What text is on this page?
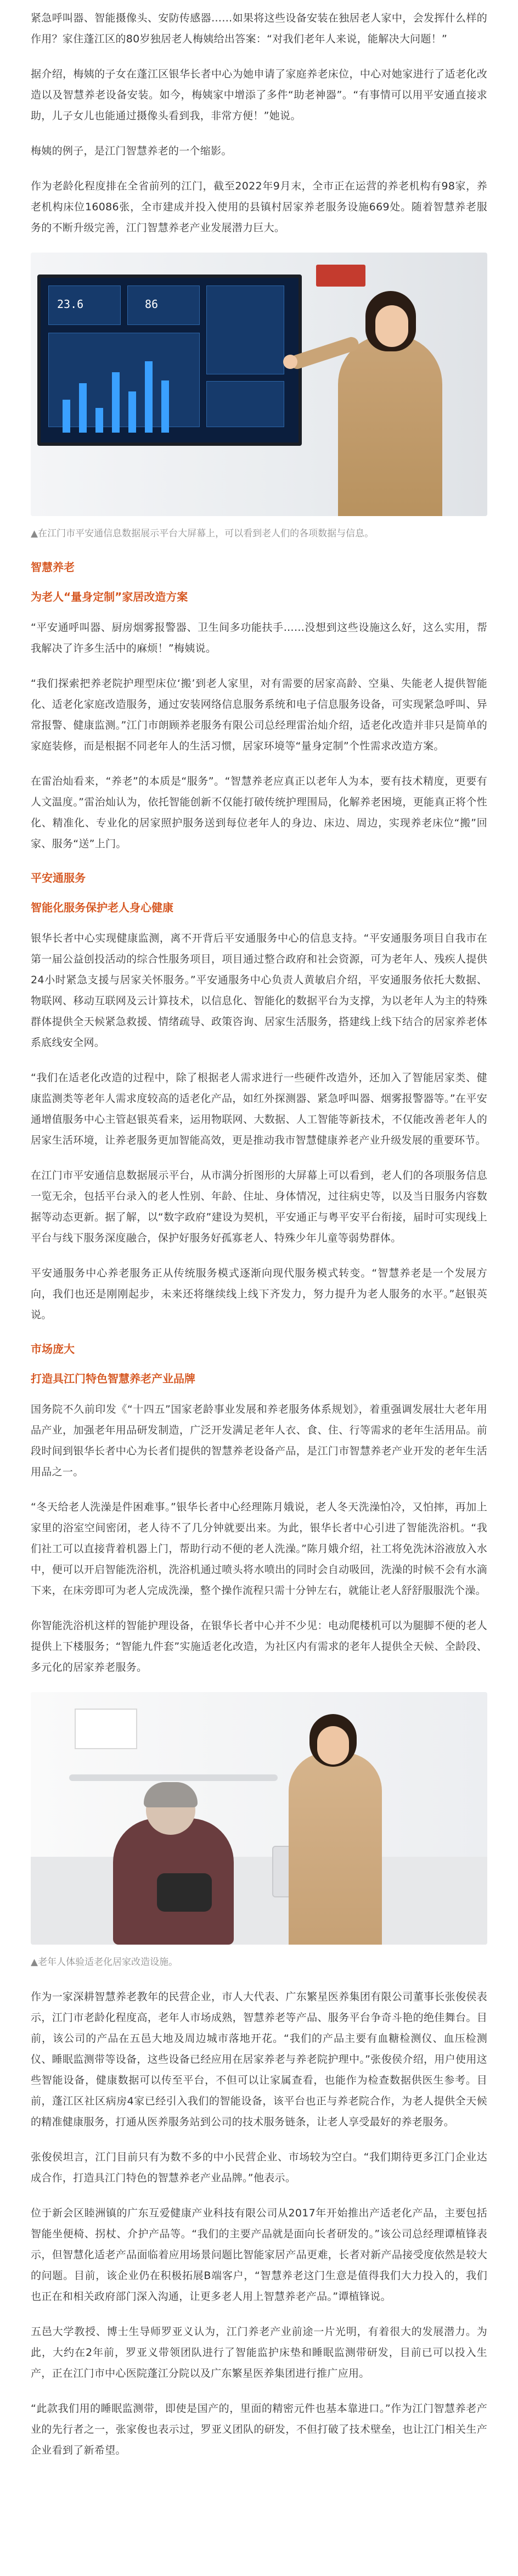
紧急呼叫器、智能摄像头、安防传感器……如果将这些设备安装在独居老人家中，会发挥什么样的作用？家住蓬江区的80岁独居老人梅姨给出答案：“对我们老年人来说，能解决大问题！”

据介绍，梅姨的子女在蓬江区银华长者中心为她申请了家庭养老床位，中心对她家进行了适老化改造以及智慧养老设备安装。如今，梅姨家中增添了多件“助老神器”。“有事情可以用平安通直接求助，儿子女儿也能通过摄像头看到我，非常方便！”她说。

梅姨的例子，是江门智慧养老的一个缩影。

作为老龄化程度排在全省前列的江门，截至2022年9月末，全市正在运营的养老机构有98家，养老机构床位16086张，全市建成并投入使用的县镇村居家养老服务设施669处。随着智慧养老服务的不断升级完善，江门智慧养老产业发展潜力巨大。

23.6	86
▲在江门市平安通信息数据展示平台大屏幕上，可以看到老人们的各项数据与信息。
智慧养老
为老人“量身定制”家居改造方案

“平安通呼叫器、厨房烟雾报警器、卫生间多功能扶手……没想到这些设施这么好，这么实用，帮我解决了许多生活中的麻烦！”梅姨说。

“我们探索把养老院护理型床位‘搬’到老人家里，对有需要的居家高龄、空巢、失能老人提供智能化、适老化家庭改造服务，通过安装网络信息服务系统和电子信息服务设备，可实现紧急呼叫、异常报警、健康监测。”江门市朗顾养老服务有限公司总经理雷治灿介绍，适老化改造并非只是简单的家庭装修，而是根据不同老年人的生活习惯，居家环境等“量身定制”个性需求改造方案。

在雷治灿看来，“养老”的本质是“服务”。“智慧养老应真正以老年人为本，要有技术精度，更要有人文温度。”雷治灿认为，依托智能创新不仅能打破传统护理围局，化解养老困境，更能真正将个性化、精准化、专业化的居家照护服务送到每位老年人的身边、床边、周边，实现养老床位“搬”回家、服务“送”上门。

平安通服务
智能化服务保护老人身心健康

银华长者中心实现健康监测，离不开背后平安通服务中心的信息支持。“平安通服务项目自我市在第一届公益创投活动的综合性服务项目，项目通过整合政府和社会资源，可为老年人、残疾人提供24小时紧急支援与居家关怀服务。”平安通服务中心负责人黄敏启介绍，平安通服务依托大数据、物联网、移动互联网及云计算技术，以信息化、智能化的数据平台为支撑，为以老年人为主的特殊群体提供全天候紧急救援、情绪疏导、政策咨询、居家生活服务，搭建线上线下结合的居家养老体系底线安全网。

“我们在适老化改造的过程中，除了根据老人需求进行一些硬件改造外，还加入了智能居家类、健康监测类等老年人需求度较高的适老化产品，如红外探测器、紧急呼叫器、烟雾报警器等。”在平安通增值服务中心主管赵银英看来，运用物联网、大数据、人工智能等新技术，不仅能改善老年人的居家生活环境，让养老服务更加智能高效，更是推动我市智慧健康养老产业升级发展的重要环节。

在江门市平安通信息数据展示平台，从市满分折图形的大屏幕上可以看到，老人们的各项服务信息一览无余，包括平台录入的老人性别、年龄、住址、身体情况，过往病史等，以及当日服务内容数据等动态更新。据了解，以“数字政府”建设为契机，平安通正与粤平安平台衔接，届时可实现线上平台与线下服务深度融合，保护好服务好孤寡老人、特殊少年儿童等弱势群体。

平安通服务中心养老服务正从传统服务模式逐渐向现代服务模式转变。“智慧养老是一个发展方向，我们也还是刚刚起步，未来还将继续线上线下齐发力，努力提升为老人服务的水平。”赵银英说。

市场庞大
打造具江门特色智慧养老产业品牌

国务院不久前印发《“十四五”国家老龄事业发展和养老服务体系规划》，着重强调发展壮大老年用品产业，加强老年用品研发制造，广泛开发满足老年人衣、食、住、行等需求的老年生活用品。前段时间到银华长者中心为长者们提供的智慧养老设备产品，是江门市智慧养老产业开发的老年生活用品之一。

“冬天给老人洗澡是件困难事。”银华长者中心经理陈月娥说，老人冬天洗澡怕冷，又怕摔，再加上家里的浴室空间密闭，老人待不了几分钟就要出来。为此，银华长者中心引进了智能洗浴机。“我们社工可以直接背着机器上门，帮助行动不便的老人洗澡。”陈月娥介绍，社工将免洗沐浴液放入水中，便可以开启智能洗浴机，洗浴机通过喷头将水喷出的同时会自动吸回，洗澡的时候不会有水滴下来，在床旁即可为老人完成洗澡，整个操作流程只需十分钟左右，就能让老人舒舒服服洗个澡。

你智能洗浴机这样的智能护理设备，在银华长者中心并不少见：电动爬楼机可以为腿脚不便的老人提供上下楼服务；“智能九件套”实施适老化改造，为社区内有需求的老年人提供全天候、全龄段、多元化的居家养老服务。

▲老年人体验适老化居家改造设施。

作为一家深耕智慧养老教年的民营企业，市人大代表、广东繁星医养集团有限公司董事长张俊侯表示，江门市老龄化程度高，老年人市场成熟，智慧养老等产品、服务平台争奇斗艳的绝佳舞台。目前，该公司的产品在五邑大地及周边城市落地开花。“我们的产品主要有血糖检测仪、血压检测仪、睡眠监测带等设备，这些设备已经应用在居家养老与养老院护理中。”张俊侯介绍，用户使用这些智能设备，健康数据可以传至平台，不但可以让家属查看，也能作为检查数据供医生参考。目前，蓬江区社区病房4家已经引入我们的智能设备，该平台也正与养老院合作，为老人提供全天候的精准健康服务，打通从医养服务站到公司的技术服务链条，让老人享受最好的养老服务。

张俊侯坦言，江门目前只有为数不多的中小民营企业、市场较为空白。“我们期待更多江门企业达成合作，打造具江门特色的智慧养老产业品牌。”他表示。

位于新会区睦洲镇的广东互爱健康产业科技有限公司从2017年开始推出产适老化产品，主要包括智能坐便椅、拐杖、介护产品等。“我们的主要产品就是面向长者研发的。”该公司总经理谭植锋表示，但智慧化适老产品面临着应用场景问题比智能家居产品更难，长者对新产品接受度依然是较大的问题。目前，该企业仍在积极拓展B端客户，“智慧养老这门生意是值得我们大力投入的，我们也正在和相关政府部门深入沟通，让更多老人用上智慧养老产品。”谭植锋说。

五邑大学教授、博士生导师罗亚义认为，江门养老产业前途一片光明，有着很大的发展潜力。为此，大约在2年前，罗亚义带领团队进行了智能监护床垫和睡眠监测带研发，目前已可以投入生产，正在江门市中心医院蓬江分院以及广东繁星医养集团进行推广应用。

“此款我们用的睡眠监测带，即使是国产的，里面的精密元件也基本靠进口。”作为江门智慧养老产业的先行者之一，张家俊也表示过，罗亚义团队的研发，不但打破了技术壁垒，也让江门相关生产企业看到了新希望。
